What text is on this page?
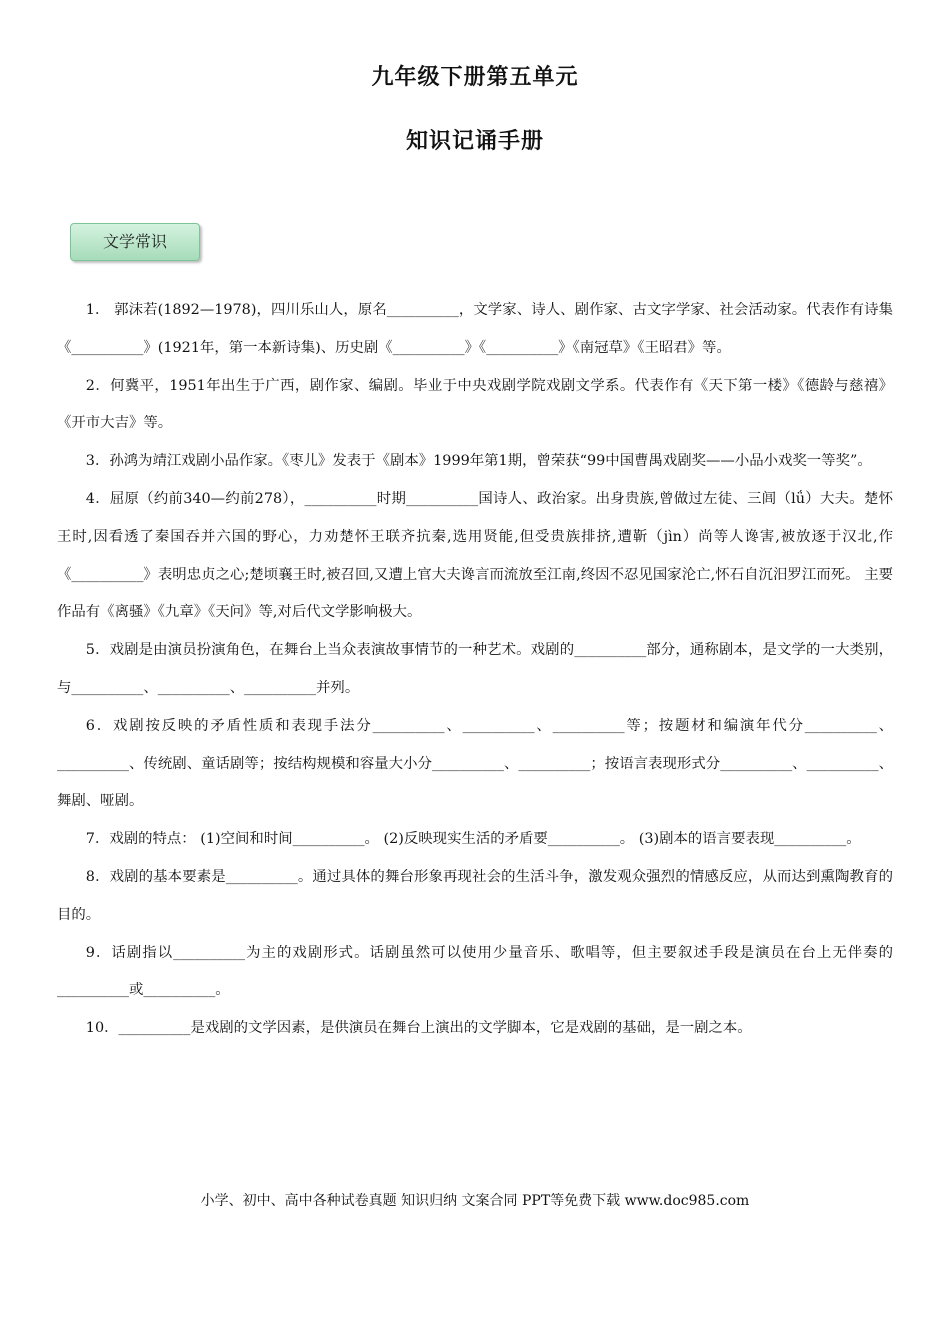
九年级下册第五单元
知识记诵手册
文学常识

1． 郭沫若(1892—1978)，四川乐山人，原名__________，文学家、诗人、剧作家、古文字学家、社会活动家。代表作有诗集《__________》(1921年，第一本新诗集)、历史剧《__________》《__________》《南冠草》《王昭君》等。

2．何冀平，1951年出生于广西，剧作家、编剧。毕业于中央戏剧学院戏剧文学系。代表作有《天下第一楼》《德龄与慈禧》《开市大吉》等。

3．孙鸿为靖江戏剧小品作家。《枣儿》发表于《剧本》1999年第1期，曾荣获“99中国曹禺戏剧奖——小品小戏奖一等奖”。

4．屈原（约前340—约前278），__________时期__________国诗人、政治家。出身贵族,曾做过左徒、三闾（lǘ）大夫。楚怀王时,因看透了秦国吞并六国的野心，力劝楚怀王联齐抗秦,选用贤能,但受贵族排挤,遭靳（jìn）尚等人谗害,被放逐于汉北,作《__________》表明忠贞之心;楚顷襄王时,被召回,又遭上官大夫谗言而流放至江南,终因不忍见国家沦亡,怀石自沉汨罗江而死。 主要作品有《离骚》《九章》《天问》等,对后代文学影响极大。

5．戏剧是由演员扮演角色，在舞台上当众表演故事情节的一种艺术。戏剧的__________部分，通称剧本，是文学的一大类别，与__________、__________、__________并列。

6．戏剧按反映的矛盾性质和表现手法分__________、__________、__________等；按题材和编演年代分__________、__________、传统剧、童话剧等；按结构规模和容量大小分__________、__________；按语言表现形式分__________、__________、舞剧、哑剧。

7．戏剧的特点： (1)空间和时间__________。 (2)反映现实生活的矛盾要__________。 (3)剧本的语言要表现__________。

8．戏剧的基本要素是__________。通过具体的舞台形象再现社会的生活斗争，激发观众强烈的情感反应，从而达到熏陶教育的目的。

9．话剧指以__________为主的戏剧形式。话剧虽然可以使用少量音乐、歌唱等，但主要叙述手段是演员在台上无伴奏的__________或__________。

10．__________是戏剧的文学因素，是供演员在舞台上演出的文学脚本，它是戏剧的基础，是一剧之本。

小学、初中、高中各种试卷真题 知识归纳 文案合同 PPT等免费下载 www.doc985.com
